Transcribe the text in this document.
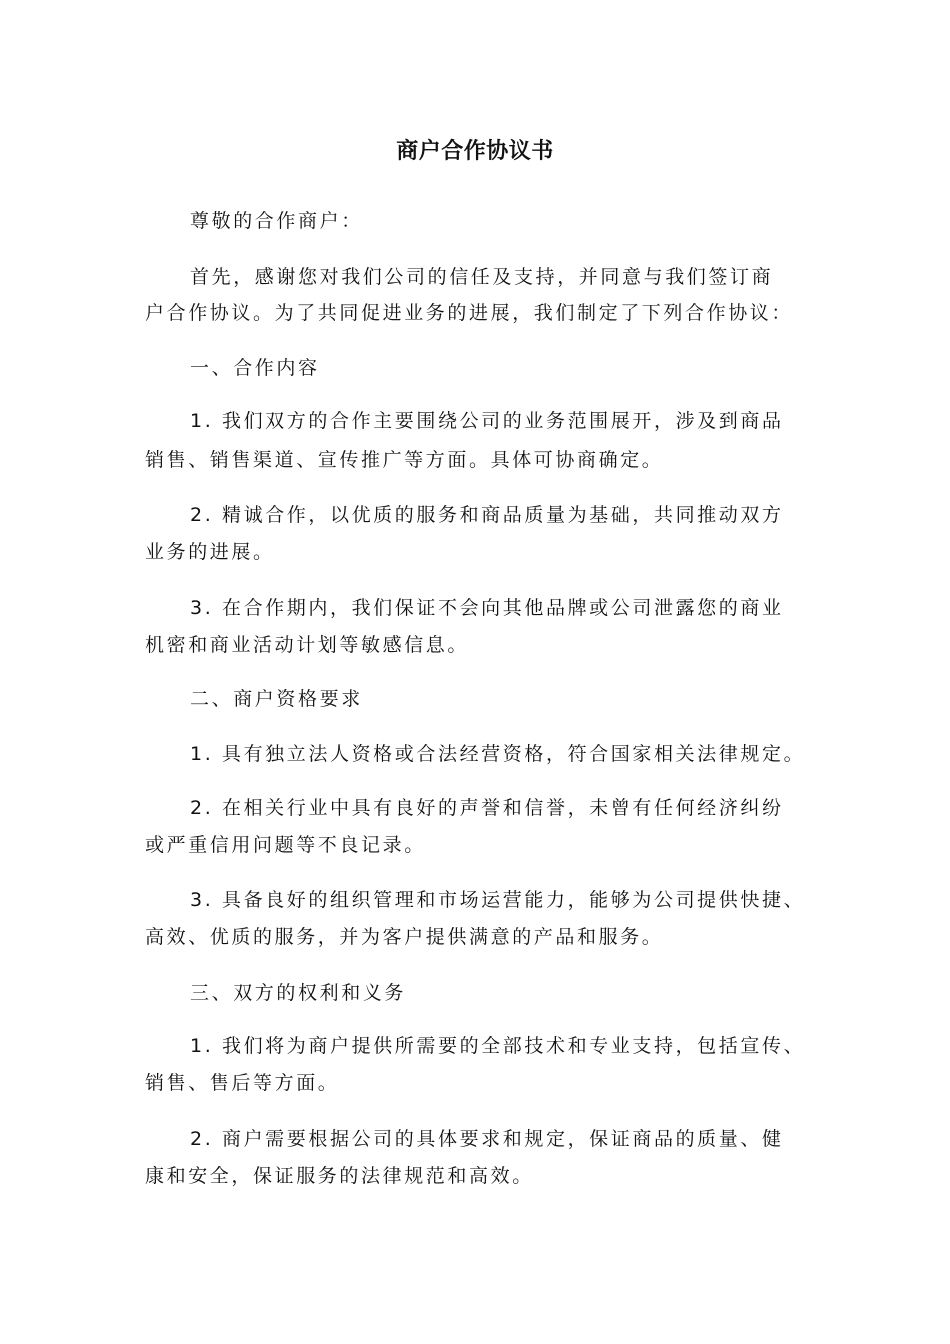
商户合作协议书
尊敬的合作商户：
首先，感谢您对我们公司的信任及支持，并同意与我们签订商
户合作协议。为了共同促进业务的进展，我们制定了下列合作协议：
一、合作内容
1. 我们双方的合作主要围绕公司的业务范围展开，涉及到商品
销售、销售渠道、宣传推广等方面。具体可协商确定。
2. 精诚合作，以优质的服务和商品质量为基础，共同推动双方
业务的进展。
3. 在合作期内，我们保证不会向其他品牌或公司泄露您的商业
机密和商业活动计划等敏感信息。
二、商户资格要求
1. 具有独立法人资格或合法经营资格，符合国家相关法律规定。
2. 在相关行业中具有良好的声誉和信誉，未曾有任何经济纠纷
或严重信用问题等不良记录。
3. 具备良好的组织管理和市场运营能力，能够为公司提供快捷、
高效、优质的服务，并为客户提供满意的产品和服务。
三、双方的权利和义务
1. 我们将为商户提供所需要的全部技术和专业支持，包括宣传、
销售、售后等方面。
2. 商户需要根据公司的具体要求和规定，保证商品的质量、健
康和安全，保证服务的法律规范和高效。
